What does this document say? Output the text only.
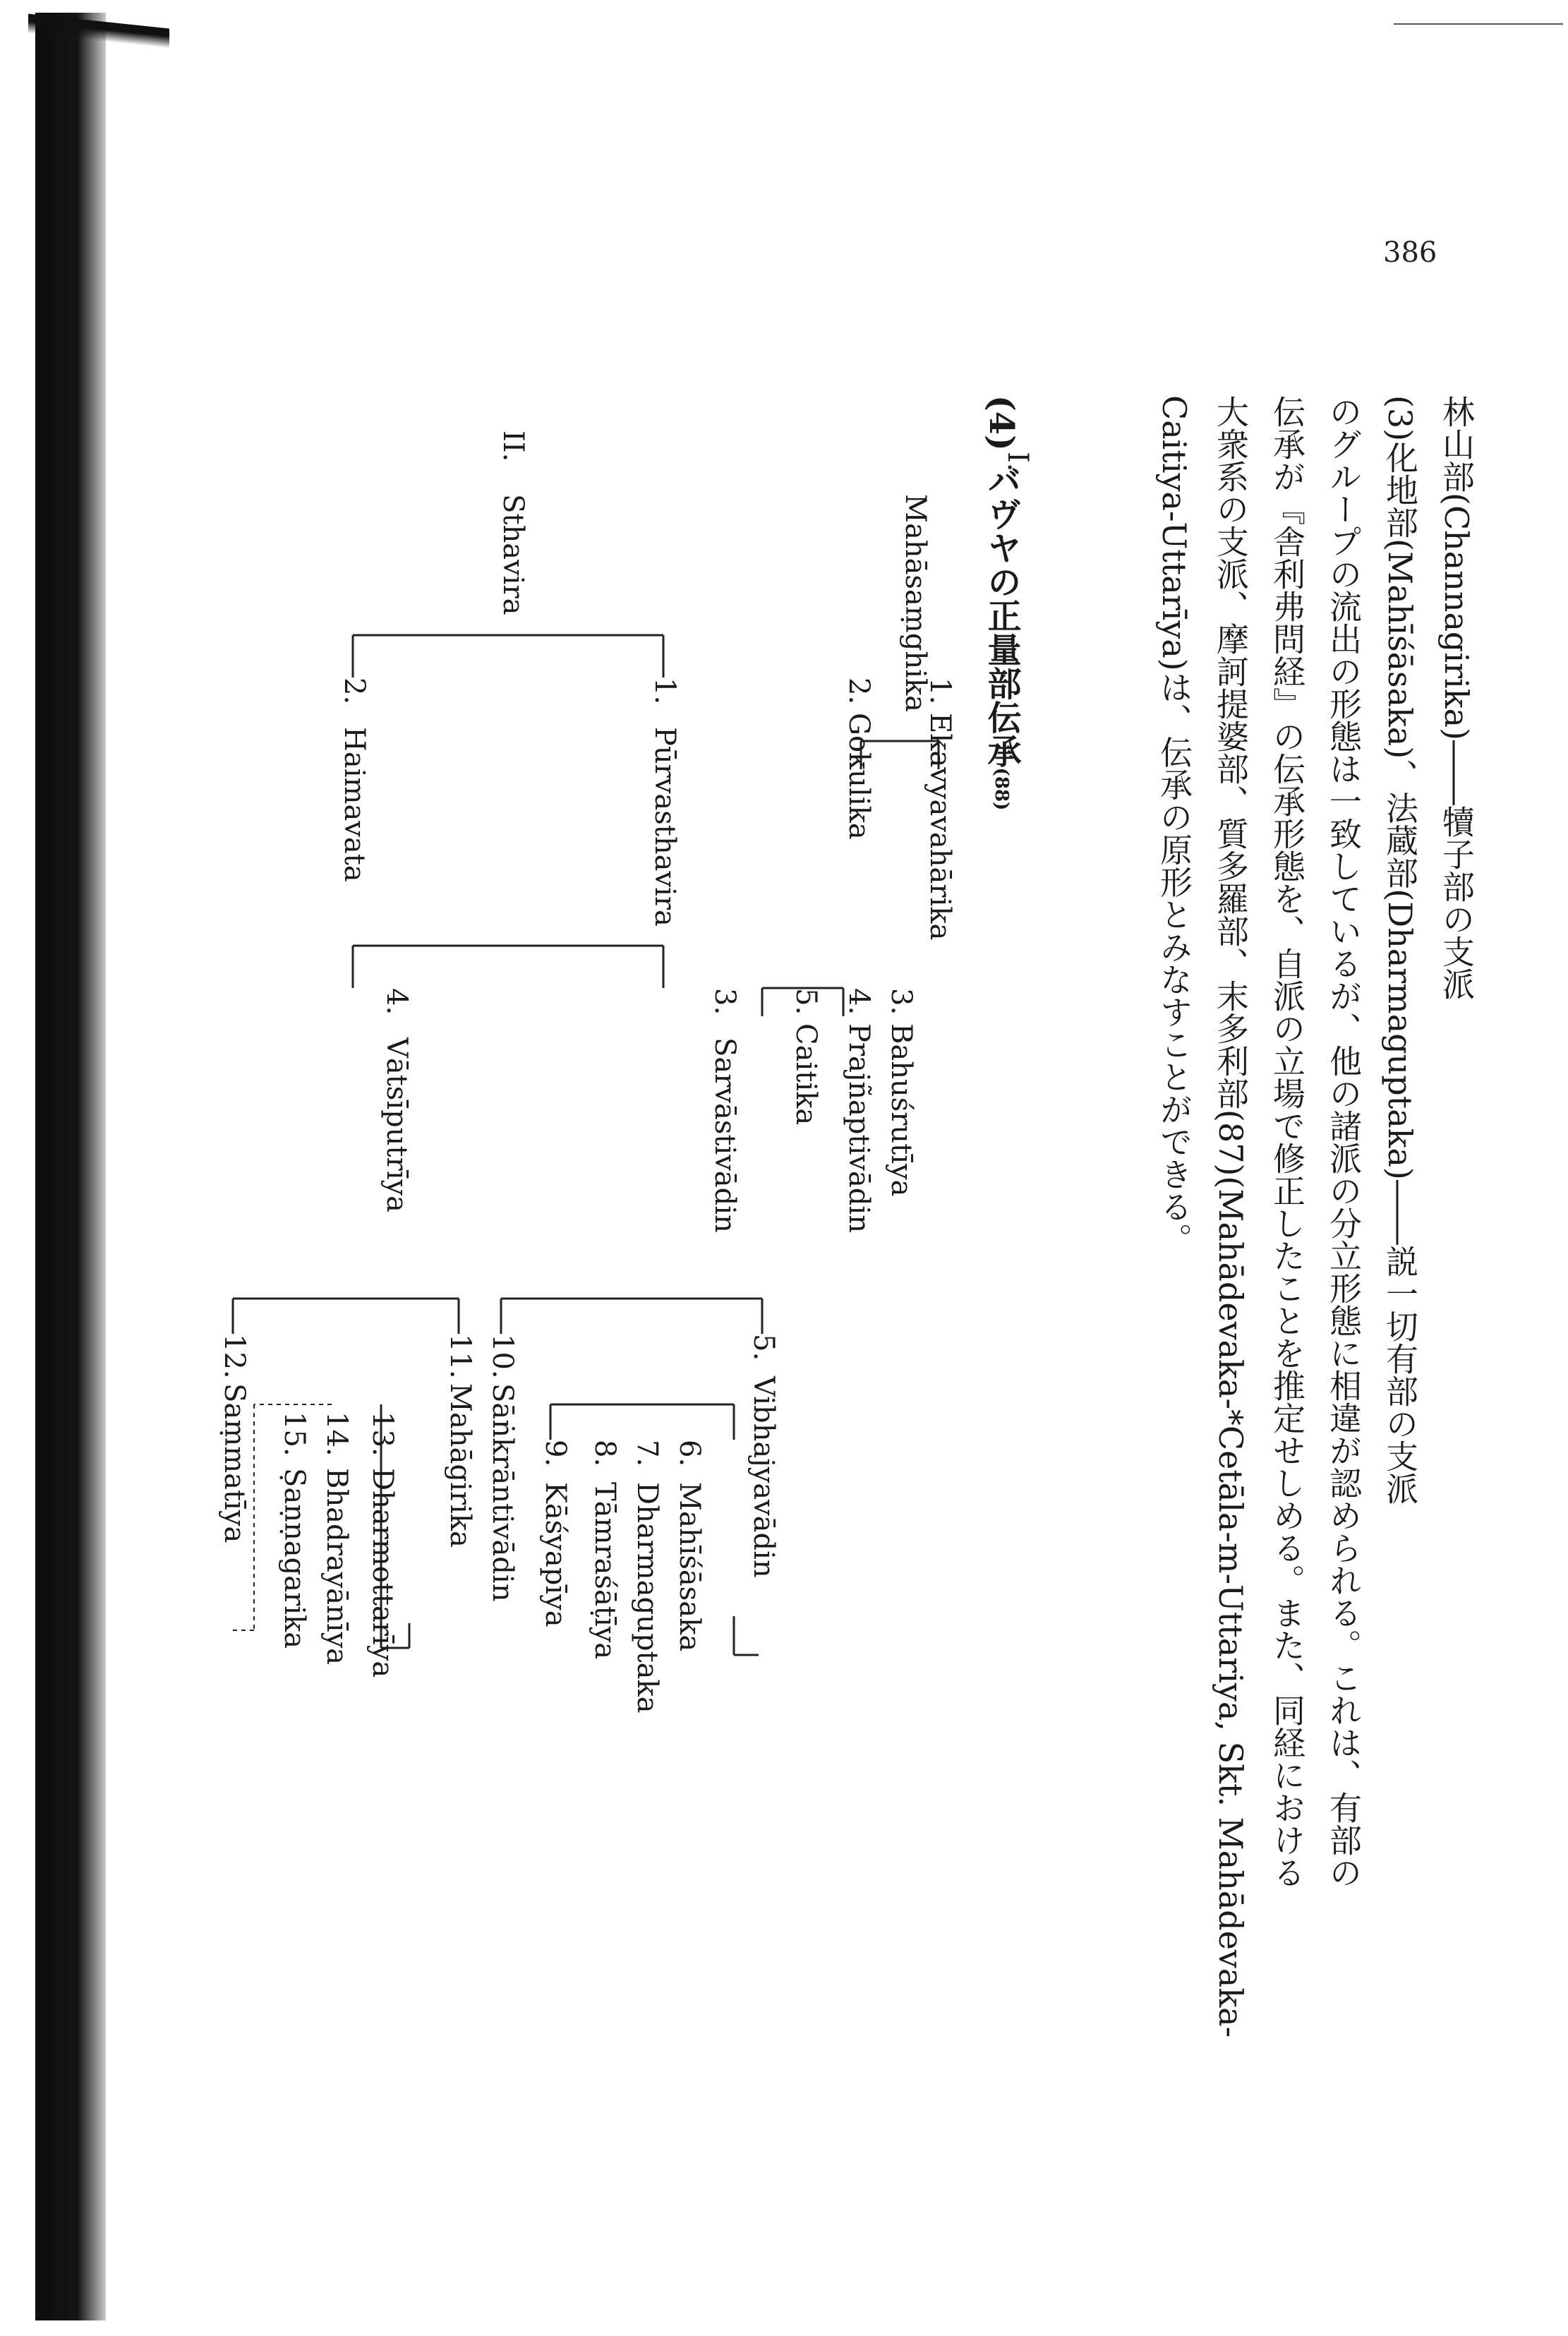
386
林山部(Channagirika)――犢子部の支派
(3)化地部(Mahīśāsaka)、法蔵部(Dharmaguptaka)――説一切有部の支派
のグループの流出の形態は一致しているが、他の諸派の分立形態に相違が認められる。これは、有部の
伝承が『舎利弗問経』の伝承形態を、自派の立場で修正したことを推定せしめる。また、同経における
大衆系の支派、摩訶提婆部、質多羅部、末多利部(87)(Mahādevaka-*Cetāla-m-Uttariya, Skt. Mahādevaka-
Caitiya-Uttarīya)は、伝承の原形とみなすことができる。
(4) バヴヤの正量部伝承(88)
I.
Mahāsaṃghika
1.
Ekavyavahārika
2.
Gokulika
3.
Bahuśrutīya
4.
Prajñaptivādin
5.
Caitika
II.
Sthavira
1.
Pūrvasthavira
2.
Haimavata
3.
Sarvāstivādin
4.
Vātsīputrīya
5.
Vibhajyavādin
10.
Sāṅkrāntivādin
11.
Mahāgirika
12.
Saṃmatīya	6.
Mahīśāsaka
7.
Dharmaguptaka
8.
Tāmraśāṭīya
9.
Kāśyapīya
13.
Dharmottarīya
14.
Bhadrayānīya
15.
Ṣaṇṇagarika
